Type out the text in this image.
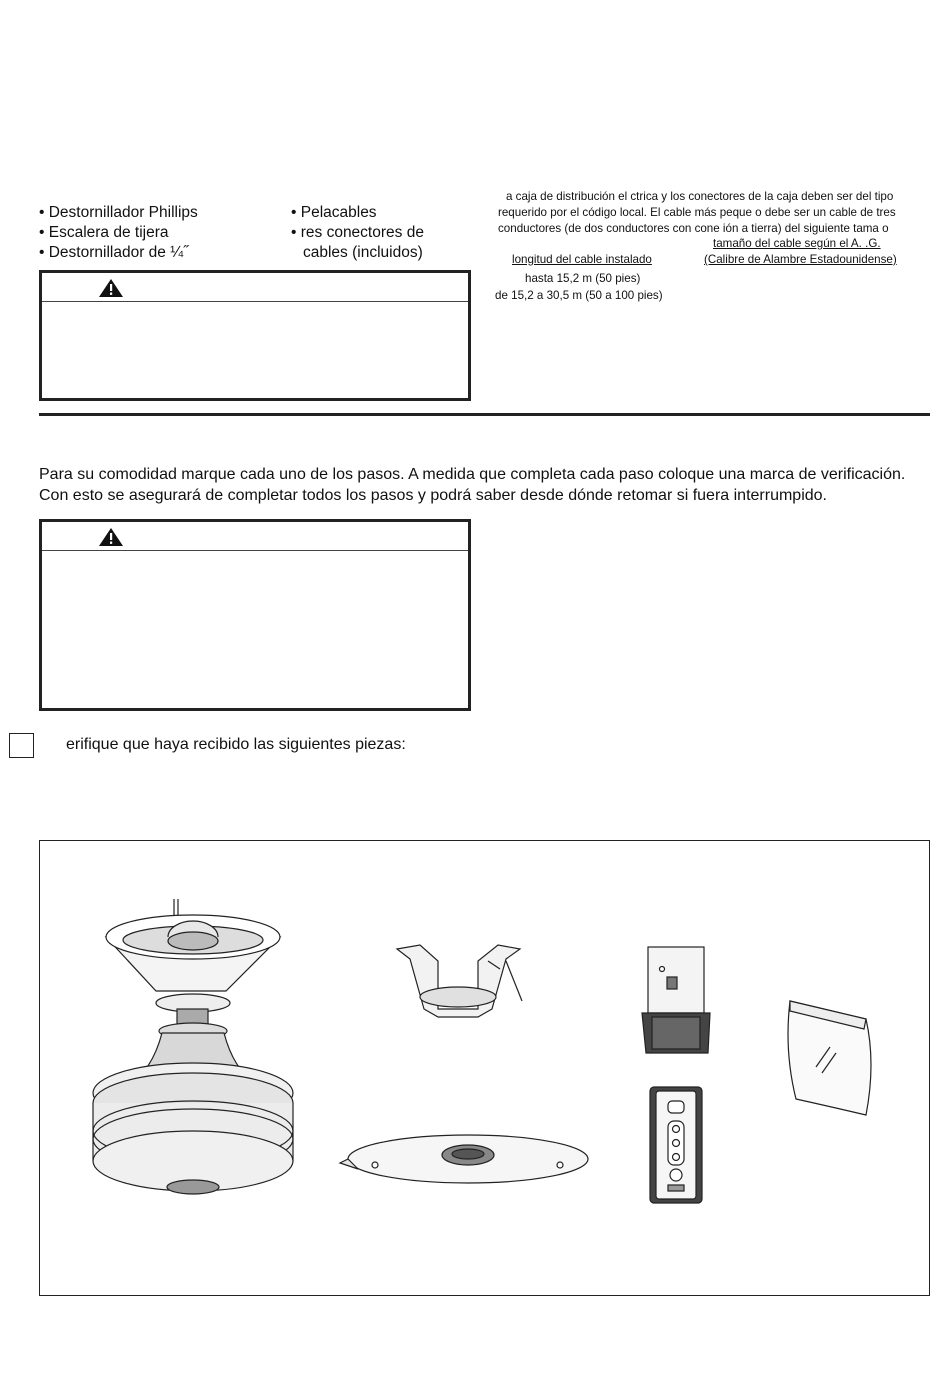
• Destornillador Phillips
• Escalera de tijera
• Destornillador de ¼˝
• Pelacables
• res conectores de
cables (incluidos)
a caja de distribución el ctrica y los conectores de la caja deben ser del tipo
requerido por el código local. El cable más peque o debe ser un cable de tres
conductores (de dos conductores con cone ión a tierra) del siguiente tama o
tamaño del cable según el A. .G.
longitud del cable instalado	(Calibre de Alambre Estadounidense)
hasta 15,2 m (50 pies)
de 15,2 a 30,5 m (50 a 100 pies)
Para su comodidad marque cada uno de los pasos. A medida que completa cada paso coloque una marca de verificación.
Con esto se asegurará de completar todos los pasos y podrá saber desde dónde retomar si fuera interrumpido.
erifique que haya recibido las siguientes piezas:
